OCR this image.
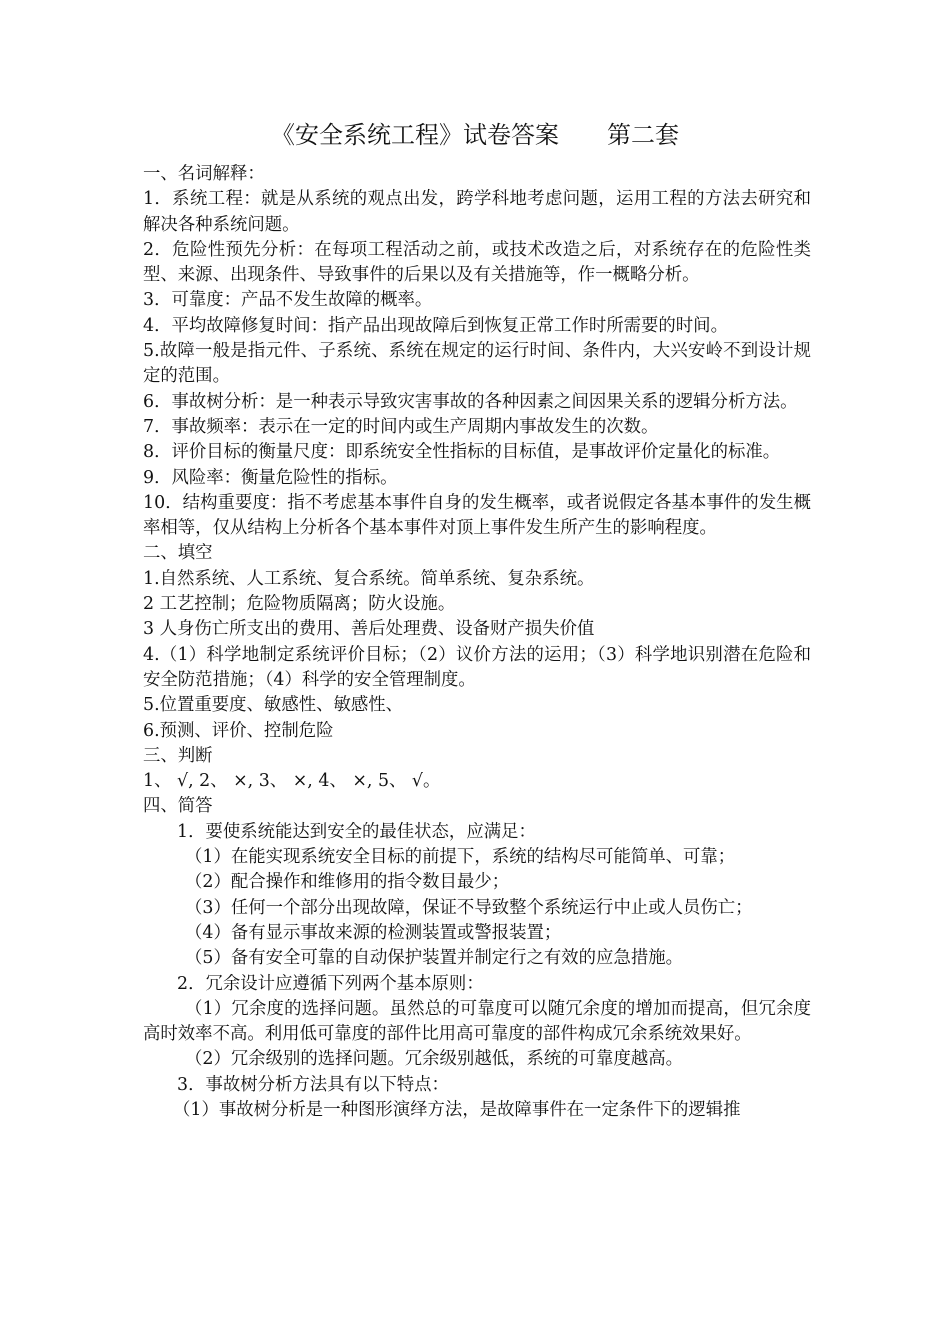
《安全系统工程》试卷答案　　第二套

一、名词解释：

1．系统工程：就是从系统的观点出发，跨学科地考虑问题，运用工程的方法去研究和解决各种系统问题。

2．危险性预先分析：在每项工程活动之前，或技术改造之后，对系统存在的危险性类型、来源、出现条件、导致事件的后果以及有关措施等，作一概略分析。

3．可靠度：产品不发生故障的概率。

4．平均故障修复时间：指产品出现故障后到恢复正常工作时所需要的时间。

5.故障一般是指元件、子系统、系统在规定的运行时间、条件内，大兴安岭不到设计规定的范围。

6．事故树分析：是一种表示导致灾害事故的各种因素之间因果关系的逻辑分析方法。

7．事故频率：表示在一定的时间内或生产周期内事故发生的次数。

8．评价目标的衡量尺度：即系统安全性指标的目标值，是事故评价定量化的标准。

9．风险率：衡量危险性的指标。

10．结构重要度：指不考虑基本事件自身的发生概率，或者说假定各基本事件的发生概率相等，仅从结构上分析各个基本事件对顶上事件发生所产生的影响程度。

二、填空

1.自然系统、人工系统、复合系统。简单系统、复杂系统。

2 工艺控制；危险物质隔离；防火设施。

3 人身伤亡所支出的费用、善后处理费、设备财产损失价值

4.（1）科学地制定系统评价目标；（2）议价方法的运用；（3）科学地识别潜在危险和安全防范措施；（4）科学的安全管理制度。

5.位置重要度、敏感性、敏感性、

6.预测、评价、控制危险

三、判断

1、 √, 2、 ×, 3、 ×, 4、 ×, 5、 √。

四、简答

1．要使系统能达到安全的最佳状态，应满足：

（1）在能实现系统安全目标的前提下，系统的结构尽可能简单、可靠；

（2）配合操作和维修用的指令数目最少；

（3）任何一个部分出现故障，保证不导致整个系统运行中止或人员伤亡；

（4）备有显示事故来源的检测装置或警报装置；

（5）备有安全可靠的自动保护装置并制定行之有效的应急措施。

2．冗余设计应遵循下列两个基本原则：

（1）冗余度的选择问题。虽然总的可靠度可以随冗余度的增加而提高，但冗余度高时效率不高。利用低可靠度的部件比用高可靠度的部件构成冗余系统效果好。

（2）冗余级别的选择问题。冗余级别越低，系统的可靠度越高。

3．事故树分析方法具有以下特点：

（1）事故树分析是一种图形演绎方法，是故障事件在一定条件下的逻辑推
